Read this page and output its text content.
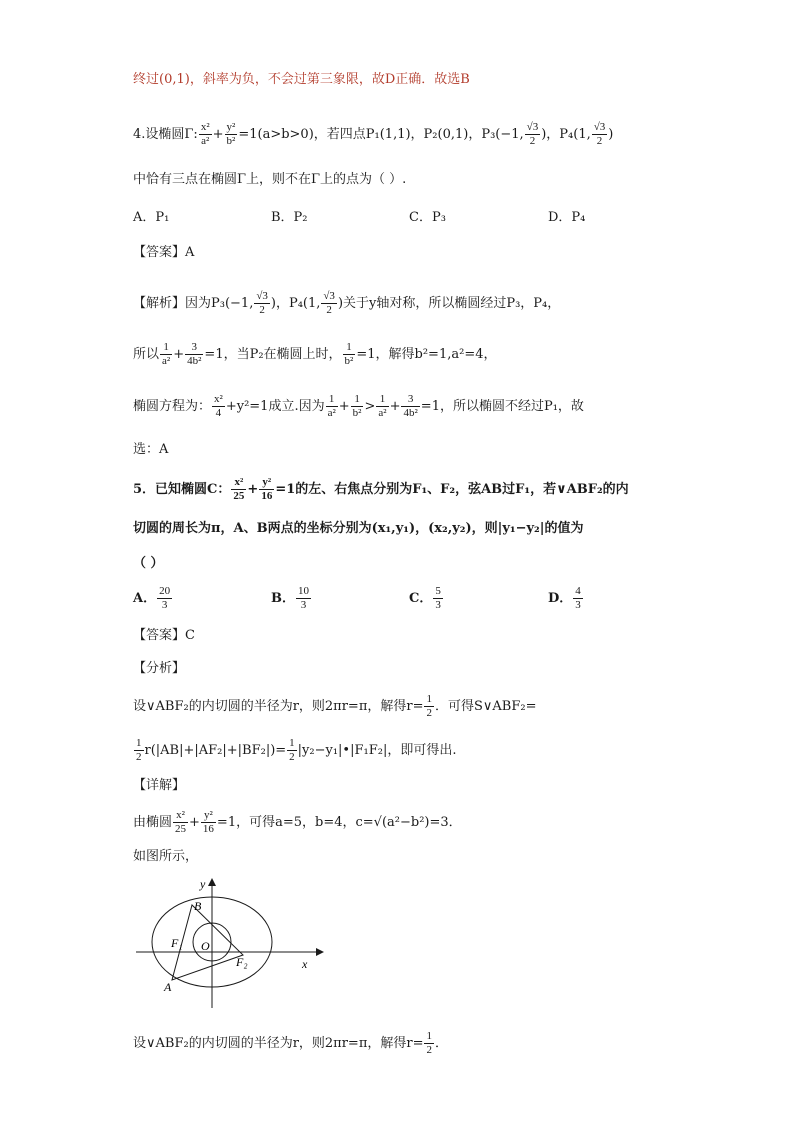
终过(0,1)，斜率为负，不会过第三象限，故D正确．故选B
4.设椭圆Γ: $\frac{\text{x²}}{\text{a²}} + \frac{\text{y²}}{\text{b²}} =1(a>b>0)$，若四点P₁(1,1)，P₂(0,1)，P₃(−1, $\frac{√3}{2}$ )，P₄(1, $\frac{√3}{2}$ )
中恰有三点在椭圆Γ上，则不在Γ上的点为（ ）.
A．P₁	B．P₂	C．P₃	D．P₄
【答案】A
【解析】因为P₃(−1, $\frac{√3}{2}$ )，P₄(1, $\frac{√3}{2}$ )关于y轴对称，所以椭圆经过P₃，P₄，
所以 $\frac{1}{\text{a²}} + \frac{3}{\text{4b²}} =1$，当P₂在椭圆上时， $\frac{1}{\text{b²}} =1$，解得b²=1,a²=4，
椭圆方程为： $\frac{\text{x²}}{4} +y^2=1$成立.因为 $\frac{1}{\text{a²}} + \frac{1}{\text{b²}} > \frac{1}{\text{a²}} + \frac{3}{\text{4b²}} =1$，所以椭圆不经过P₁，故
选：A
5．已知椭圆C： $\frac{\text{x²}}{25} + \frac{\text{y²}}{16} =1$的左、右焦点分别为F₁、F₂，弦AB过F₁，若∨ABF₂的内
切圆的周长为π，A、B两点的坐标分别为(x₁,y₁)，(x₂,y₂)，则|y₁−y₂|的值为
（ ）
A． $\frac{20}{3}$	B． $\frac{10}{3}$	C． $\frac{5}{3}$	D． $\frac{4}{3}$
【答案】C
【分析】
设∨ABF₂的内切圆的半径为r，则2πr=π，解得$r= \frac{1}{2}$ ．可得S∨ABF₂=
$\frac{1}{2} r(|AB|+|AF_2|+|BF_2|)= \frac{1}{2}$ |y₂−y₁|•|F₁F₂|，即可得出.
【详解】
由椭圆 $\frac{\text{x²}}{25} + \frac{\text{y²}}{16} =1$，可得a=5，b=4，c=√(a²−b²)=3．
如图所示，
y
x
B
A
O
F₁
F₂
设∨ABF₂的内切圆的半径为r，则2πr=π，解得$r= \frac{1}{2}$ ．
